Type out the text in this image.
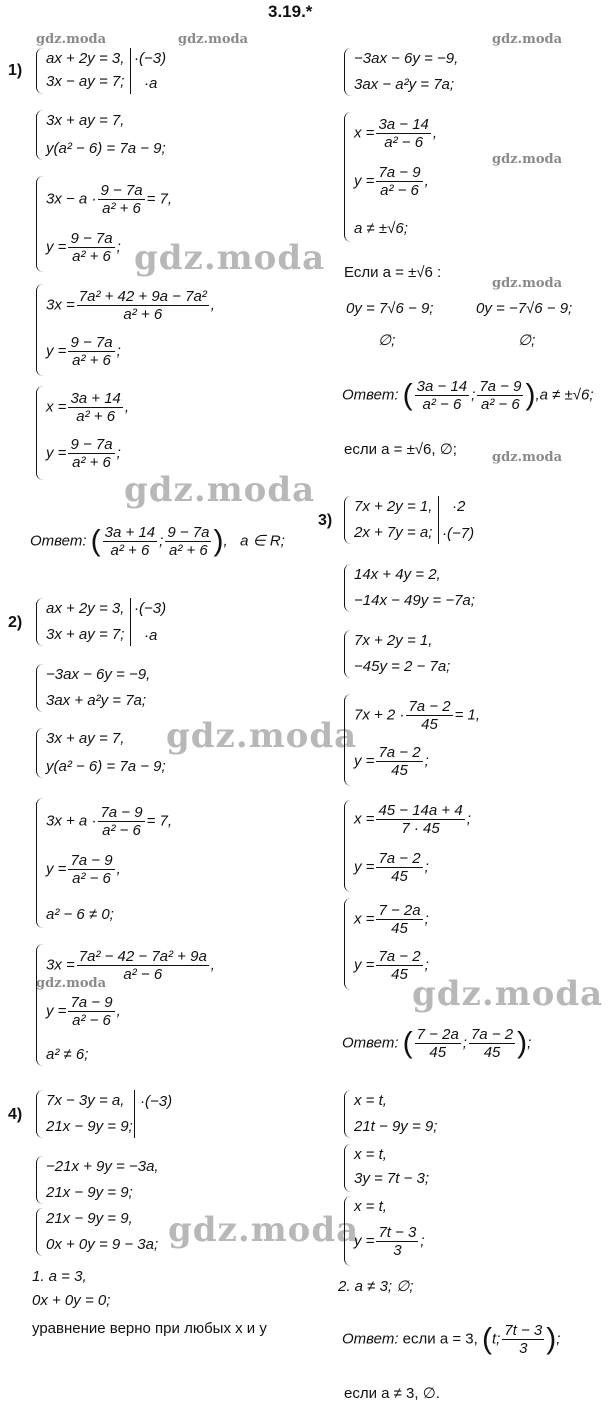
3.19.*
gdz.moda	gdz.moda	gdz.moda
gdz.moda
gdz.moda
gdz.moda
gdz.moda
gdz.moda
gdz.moda
gdz.moda
gdz.moda
gdz.moda
1)
ax + 2y = 3,
3x − ay = 7;
·(−3)
·a
3x + ay = 7,
y(a² − 6) = 7a − 9;
$3x - a \cdot \frac{9 - 7a}{\text{a² + 6}} = 7$,
$y = \frac{9 - 7a}{\text{a² + 6}}$ ;
$3x = \frac{\text{7a² + 42 + 9a − 7a²}}{\text{a² + 6}}$ ,
$y = \frac{9 - 7a}{\text{a² + 6}}$ ;
$x = \frac{3a + 14}{\text{a² + 6}}$ ,
$y = \frac{9 - 7a}{\text{a² + 6}}$ ;
Ответ: ( $\frac{3a + 14}{\text{a² + 6}}$ ; $\frac{9 - 7a}{\text{a² + 6}}$ ),   a ∈ R;
−3ax − 6y = −9,
3ax − a²y = 7a;
$x = \frac{3a - 14}{\text{a² − 6}}$ ,
$y = \frac{7a - 9}{\text{a² − 6}}$ ,
a ≠ ±√6;
Если a = ±√6 :
0y = 7√6 − 9;	0y = −7√6 − 9;
∅;	∅;
Ответ: ( $\frac{3a - 14}{\text{a² − 6}}$ ; $\frac{7a - 9}{\text{a² − 6}} ),a \ne \pm√6$;
если a = ±√6, ∅;
2)
ax + 2y = 3,
3x + ay = 7;
·(−3)
·a
−3ax − 6y = −9,
3ax + a²y = 7a;
3x + ay = 7,
y(a² − 6) = 7a − 9;
$3x + a \cdot \frac{7a - 9}{\text{a² − 6}} = 7$,
$y = \frac{7a - 9}{\text{a² − 6}}$ ,
a² − 6 ≠ 0;
$3x = \frac{\text{7a² − 42 − 7a² + 9a}}{\text{a² − 6}}$ ,
$y = \frac{7a - 9}{\text{a² − 6}}$ ,
a² ≠ 6;
3)
7x + 2y = 1,
2x + 7y = a;
·2
·(−7)
14x + 4y = 2,
−14x − 49y = −7a;
7x + 2y = 1,
−45y = 2 − 7a;
$7x + 2 \cdot \frac{7a - 2}{45} = 1$,
$y = \frac{7a - 2}{45}$ ;
$x = \frac{45 - 14a + 4}{7 \cdot 45}$ ;
$y = \frac{7a - 2}{45}$ ;
$x = \frac{7 - 2a}{45}$ ;
$y = \frac{7a - 2}{45}$ ;
Ответ: ( $\frac{7 - 2a}{45}$ ; $\frac{7a - 2}{45}$ );
4)
7x − 3y = a,
21x − 9y = 9;
·(−3)
−21x + 9y = −3a,
21x − 9y = 9;
21x − 9y = 9,
0x + 0y = 9 − 3a;
1. a = 3,
0x + 0y = 0;
уравнение верно при любых x и y
x = t,
21t − 9y = 9;
x = t,
3y = 7t − 3;
x = t,
$y = \frac{7t - 3}{3}$ ;
2. a ≠ 3; ∅;
Ответ: если a = 3, (t; $\frac{7t - 3}{3}$ );
если a ≠ 3, ∅.
